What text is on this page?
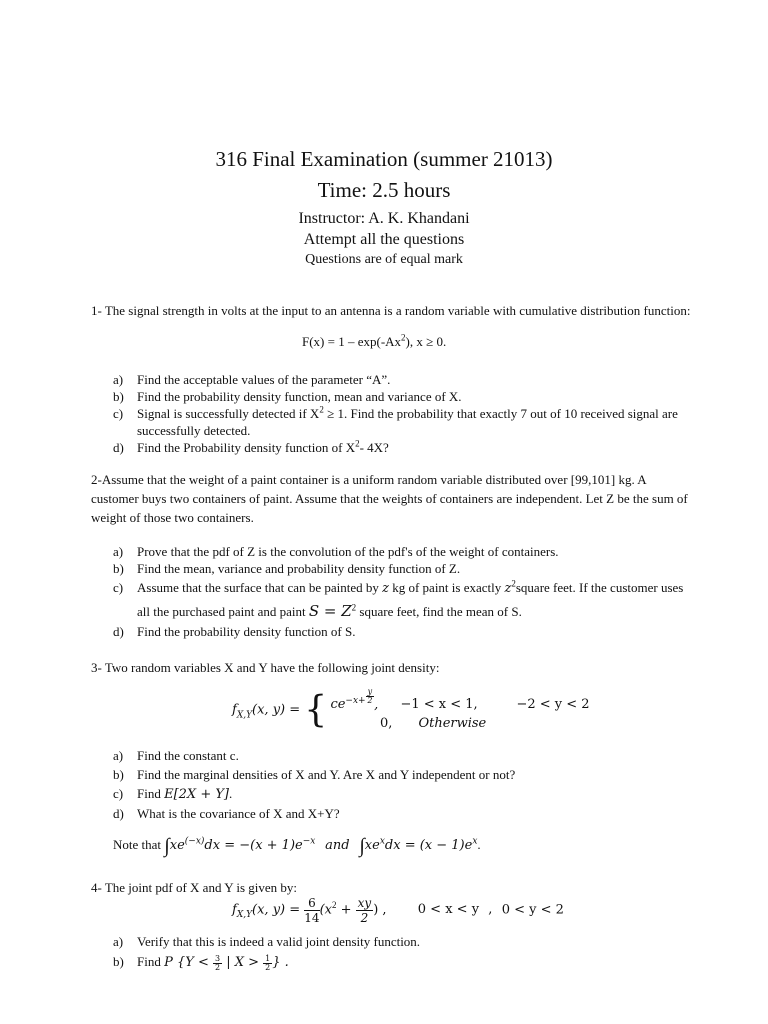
316 Final Examination (summer 21013)
Time: 2.5 hours
Instructor: A. K. Khandani
Attempt all the questions
Questions are of equal mark
1- The signal strength in volts at the input to an antenna is a random variable with cumulative distribution function:
F(x) = 1 – exp(-Ax$^2$), x ≥ 0.
a) Find the acceptable values of the parameter “A”.
b) Find the probability density function, mean and variance of X.
c) Signal is successfully detected if $X^2 \ge 1$. Find the probability that exactly 7 out of 10 received signal are successfully detected.
d) Find the Probability density function of $X^2-$ 4X?
2-Assume that the weight of a paint container is a uniform random variable distributed over [99,101] kg. A customer buys two containers of paint. Assume that the weights of containers are independent. Let Z be the sum of weight of those two containers.
a) Prove that the pdf of Z is the convolution of the pdf's of the weight of containers.
b) Find the mean, variance and probability density function of Z.
c) Assume that the surface that can be painted by z kg of paint is exactly $z^2square$ feet. If the customer uses all the purchased paint and paint $S = Z^2$ square feet, find the mean of S.
d) Find the probability density function of S.
3- Two random variables X and Y have the following joint density:
$f_{X,Y}(x$, y) = { $ce-x+ \frac{y}{2}$ , −1 < x < 1,	−2 < y < 2
0, Otherwise
a) Find the constant c.
b) Find the marginal densities of X and Y. Are X and Y independent or not?
c) Find E[2X + Y].
d) What is the covariance of X and X+Y?
Note that $\int xe^{(-x)}dx = -(x + 1)e^{-x}$ and $\int xe^xdx = (x - 1)e^x$.
4- The joint pdf of X and Y is given by:
$f_{X,Y}(x$, $y) = \frac{6}{14} (x^2 + \frac{xy}{2}$ ) , 0 < x < y , 0 < y < 2
a) Verify that this is indeed a valid joint density function.
b) Find P {$Y < \frac{3}{2}$ | $X > \frac{1}{2}$ } .
